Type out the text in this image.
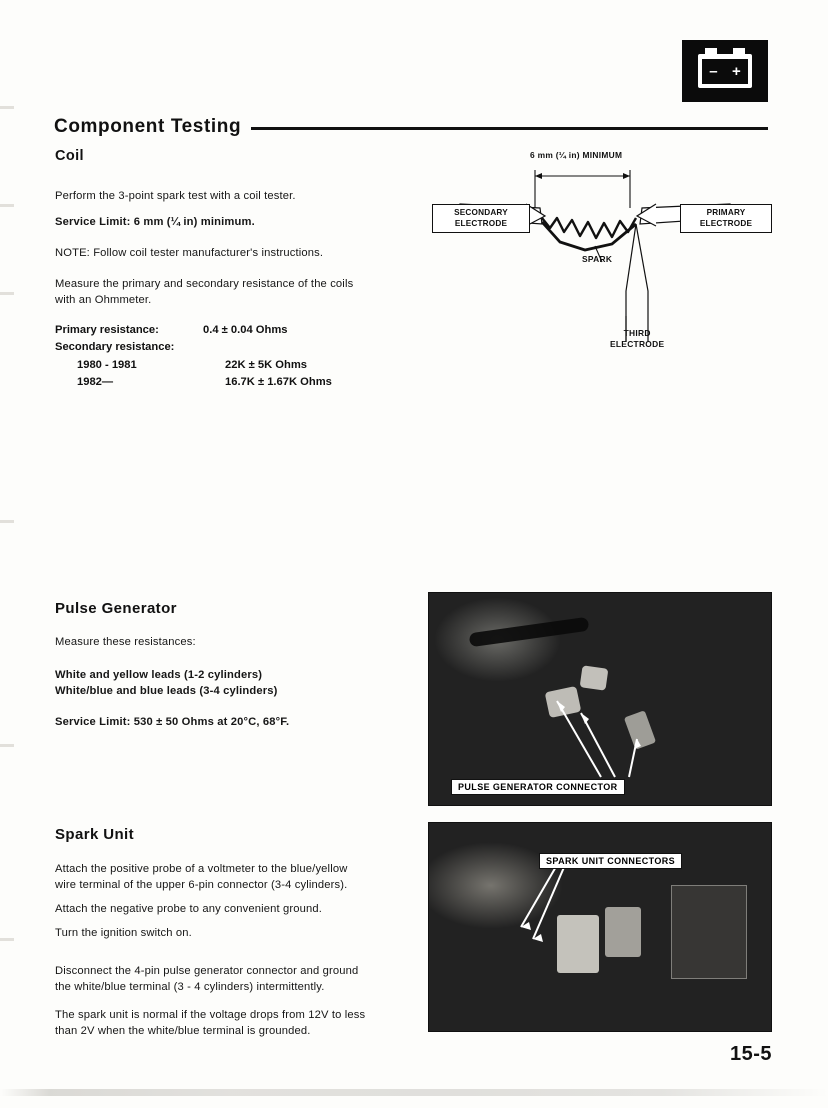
– +
Component Testing
Coil
Perform the 3-point spark test with a coil tester.
Service Limit: 6 mm (¼ in) minimum.
NOTE: Follow coil tester manufacturer's instructions.
Measure the primary and secondary resistance of the coils
with an Ohmmeter.
Primary resistance:	0.4 ± 0.04 Ohms
Secondary resistance:
1980 - 1981	22K ± 5K Ohms
1982—	16.7K ± 1.67K Ohms
6 mm (¼ in) MINIMUM
SECONDARY
ELECTRODE
PRIMARY
ELECTRODE
SPARK
THIRD
ELECTRODE
Pulse Generator
Measure these resistances:
White and yellow leads (1-2 cylinders)
White/blue and blue leads (3-4 cylinders)
Service Limit: 530 ± 50 Ohms at 20°C, 68°F.
PULSE GENERATOR CONNECTOR
Spark Unit
Attach the positive probe of a voltmeter to the blue/yellow
wire terminal of the upper 6-pin connector (3-4 cylinders).
Attach the negative probe to any convenient ground.
Turn the ignition switch on.
Disconnect the 4-pin pulse generator connector and ground
the white/blue terminal (3 - 4 cylinders) intermittently.
The spark unit is normal if the voltage drops from 12V to less
than 2V when the white/blue terminal is grounded.
SPARK UNIT CONNECTORS
15-5
